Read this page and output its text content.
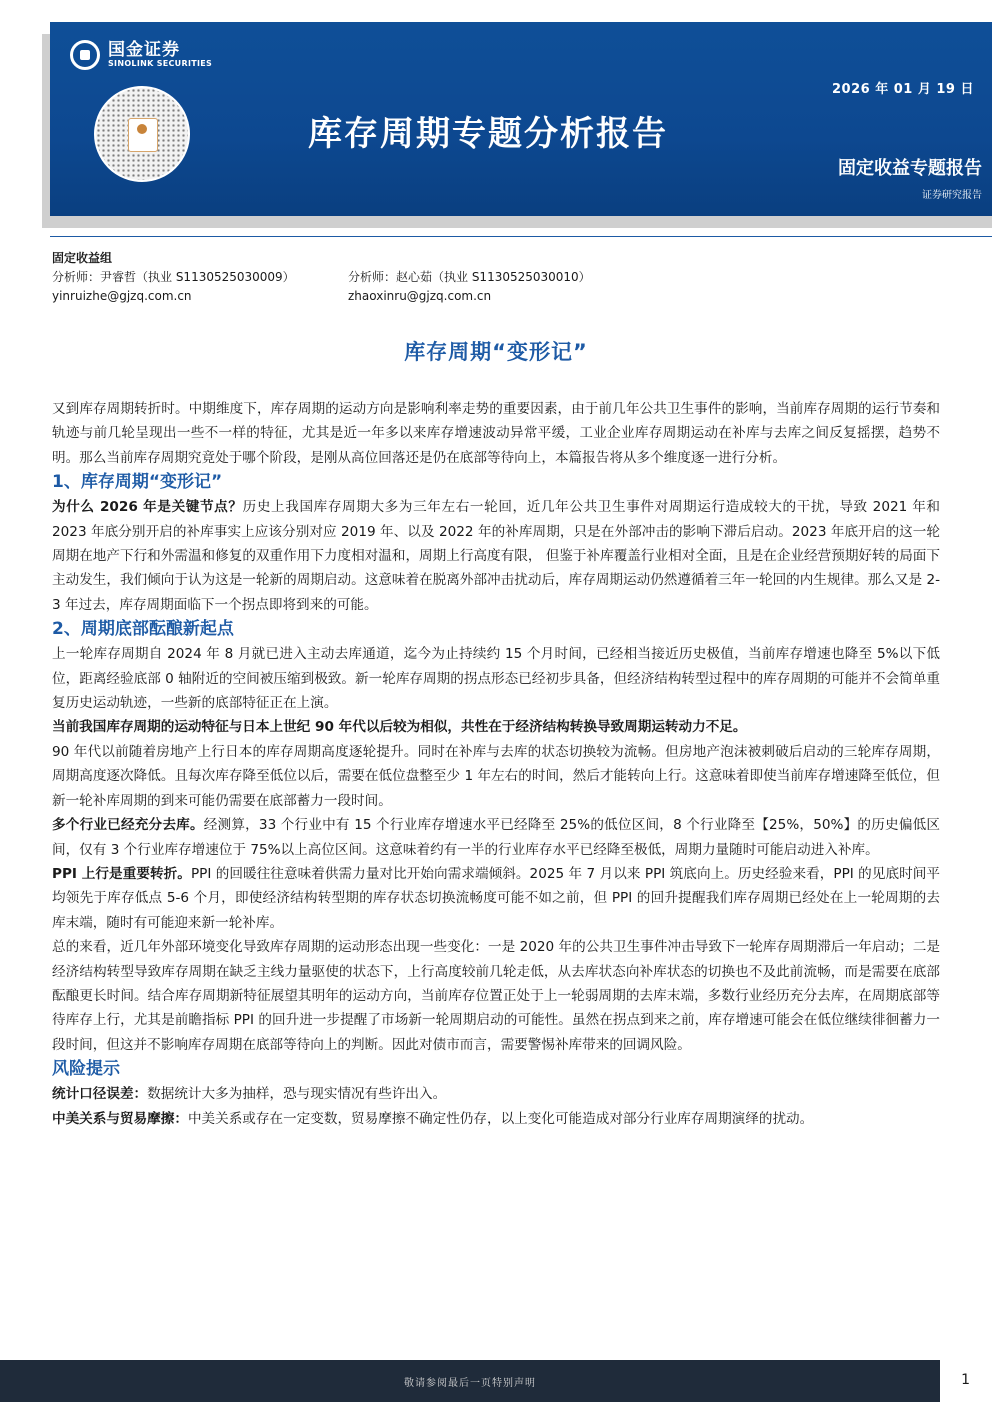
国金证券
SINOLINK SECURITIES
2026 年 01 月 19 日
库存周期专题分析报告
固定收益专题报告
证券研究报告
固定收益组
分析师：尹睿哲（执业 S1130525030009）	分析师：赵心茹（执业 S1130525030010）
yinruizhe@gjzq.com.cn	zhaoxinru@gjzq.com.cn
库存周期“变形记”

又到库存周期转折时。中期维度下，库存周期的运动方向是影响利率走势的重要因素，由于前几年公共卫生事件的影响，当前库存周期的运行节奏和轨迹与前几轮呈现出一些不一样的特征，尤其是近一年多以来库存增速波动异常平缓，工业企业库存周期运动在补库与去库之间反复摇摆，趋势不明。那么当前库存周期究竟处于哪个阶段，是刚从高位回落还是仍在底部等待向上，本篇报告将从多个维度逐一进行分析。

1、库存周期“变形记”

为什么 2026 年是关键节点？历史上我国库存周期大多为三年左右一轮回，近几年公共卫生事件对周期运行造成较大的干扰，导致 2021 年和 2023 年底分别开启的补库事实上应该分别对应 2019 年、以及 2022 年的补库周期，只是在外部冲击的影响下滞后启动。2023 年底开启的这一轮周期在地产下行和外需温和修复的双重作用下力度相对温和，周期上行高度有限， 但鉴于补库覆盖行业相对全面，且是在企业经营预期好转的局面下主动发生，我们倾向于认为这是一轮新的周期启动。这意味着在脱离外部冲击扰动后，库存周期运动仍然遵循着三年一轮回的内生规律。那么又是 2-3 年过去，库存周期面临下一个拐点即将到来的可能。

2、周期底部酝酿新起点

上一轮库存周期自 2024 年 8 月就已进入主动去库通道，迄今为止持续约 15 个月时间，已经相当接近历史极值，当前库存增速也降至 5%以下低位，距离经验底部 0 轴附近的空间被压缩到极致。新一轮库存周期的拐点形态已经初步具备，但经济结构转型过程中的库存周期的可能并不会简单重复历史运动轨迹，一些新的底部特征正在上演。

当前我国库存周期的运动特征与日本上世纪 90 年代以后较为相似，共性在于经济结构转换导致周期运转动力不足。

90 年代以前随着房地产上行日本的库存周期高度逐轮提升。同时在补库与去库的状态切换较为流畅。但房地产泡沫被刺破后启动的三轮库存周期，周期高度逐次降低。且每次库存降至低位以后，需要在低位盘整至少 1 年左右的时间，然后才能转向上行。这意味着即使当前库存增速降至低位，但新一轮补库周期的到来可能仍需要在底部蓄力一段时间。

多个行业已经充分去库。经测算，33 个行业中有 15 个行业库存增速水平已经降至 25%的低位区间，8 个行业降至【25%，50%】的历史偏低区间，仅有 3 个行业库存增速位于 75%以上高位区间。这意味着约有一半的行业库存水平已经降至极低，周期力量随时可能启动进入补库。

PPI 上行是重要转折。PPI 的回暖往往意味着供需力量对比开始向需求端倾斜。2025 年 7 月以来 PPI 筑底向上。历史经验来看，PPI 的见底时间平均领先于库存低点 5-6 个月，即使经济结构转型期的库存状态切换流畅度可能不如之前，但 PPI 的回升提醒我们库存周期已经处在上一轮周期的去库末端，随时有可能迎来新一轮补库。

总的来看，近几年外部环境变化导致库存周期的运动形态出现一些变化：一是 2020 年的公共卫生事件冲击导致下一轮库存周期滞后一年启动；二是经济结构转型导致库存周期在缺乏主线力量驱使的状态下，上行高度较前几轮走低，从去库状态向补库状态的切换也不及此前流畅，而是需要在底部酝酿更长时间。结合库存周期新特征展望其明年的运动方向，当前库存位置正处于上一轮弱周期的去库末端，多数行业经历充分去库，在周期底部等待库存上行，尤其是前瞻指标 PPI 的回升进一步提醒了市场新一轮周期启动的可能性。虽然在拐点到来之前，库存增速可能会在低位继续徘徊蓄力一段时间，但这并不影响库存周期在底部等待向上的判断。因此对债市而言，需要警惕补库带来的回调风险。

风险提示

统计口径误差：数据统计大多为抽样，恐与现实情况有些许出入。

中美关系与贸易摩擦：中美关系或存在一定变数，贸易摩擦不确定性仍存，以上变化可能造成对部分行业库存周期演绎的扰动。

敬请参阅最后一页特别声明	1
